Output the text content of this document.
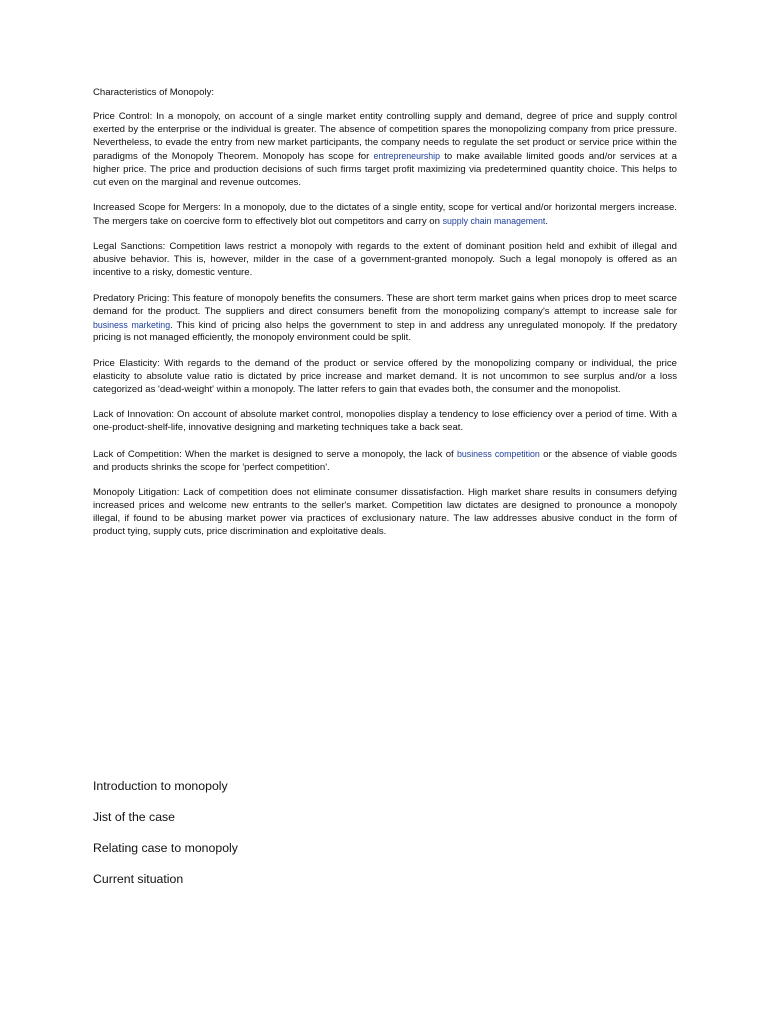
Characteristics of Monopoly:
Price Control: In a monopoly, on account of a single market entity controlling supply and demand, degree of price and supply control exerted by the enterprise or the individual is greater. The absence of competition spares the monopolizing company from price pressure. Nevertheless, to evade the entry from new market participants, the company needs to regulate the set product or service price within the paradigms of the Monopoly Theorem. Monopoly has scope for entrepreneurship to make available limited goods and/or services at a higher price. The price and production decisions of such firms target profit maximizing via predetermined quantity choice. This helps to cut even on the marginal and revenue outcomes.
Increased Scope for Mergers: In a monopoly, due to the dictates of a single entity, scope for vertical and/or horizontal mergers increase. The mergers take on coercive form to effectively blot out competitors and carry on supply chain management.
Legal Sanctions: Competition laws restrict a monopoly with regards to the extent of dominant position held and exhibit of illegal and abusive behavior. This is, however, milder in the case of a government-granted monopoly. Such a legal monopoly is offered as an incentive to a risky, domestic venture.
Predatory Pricing: This feature of monopoly benefits the consumers. These are short term market gains when prices drop to meet scarce demand for the product. The suppliers and direct consumers benefit from the monopolizing company's attempt to increase sale for business marketing. This kind of pricing also helps the government to step in and address any unregulated monopoly. If the predatory pricing is not managed efficiently, the monopoly environment could be split.
Price Elasticity: With regards to the demand of the product or service offered by the monopolizing company or individual, the price elasticity to absolute value ratio is dictated by price increase and market demand. It is not uncommon to see surplus and/or a loss categorized as 'dead-weight' within a monopoly. The latter refers to gain that evades both, the consumer and the monopolist.
Lack of Innovation: On account of absolute market control, monopolies display a tendency to lose efficiency over a period of time. With a one-product-shelf-life, innovative designing and marketing techniques take a back seat.
Lack of Competition: When the market is designed to serve a monopoly, the lack of business competition or the absence of viable goods and products shrinks the scope for 'perfect competition'.
Monopoly Litigation: Lack of competition does not eliminate consumer dissatisfaction. High market share results in consumers defying increased prices and welcome new entrants to the seller's market. Competition law dictates are designed to pronounce a monopoly illegal, if found to be abusing market power via practices of exclusionary nature. The law addresses abusive conduct in the form of product tying, supply cuts, price discrimination and exploitative deals.
Introduction to monopoly
Jist of the case
Relating case to monopoly
Current situation
